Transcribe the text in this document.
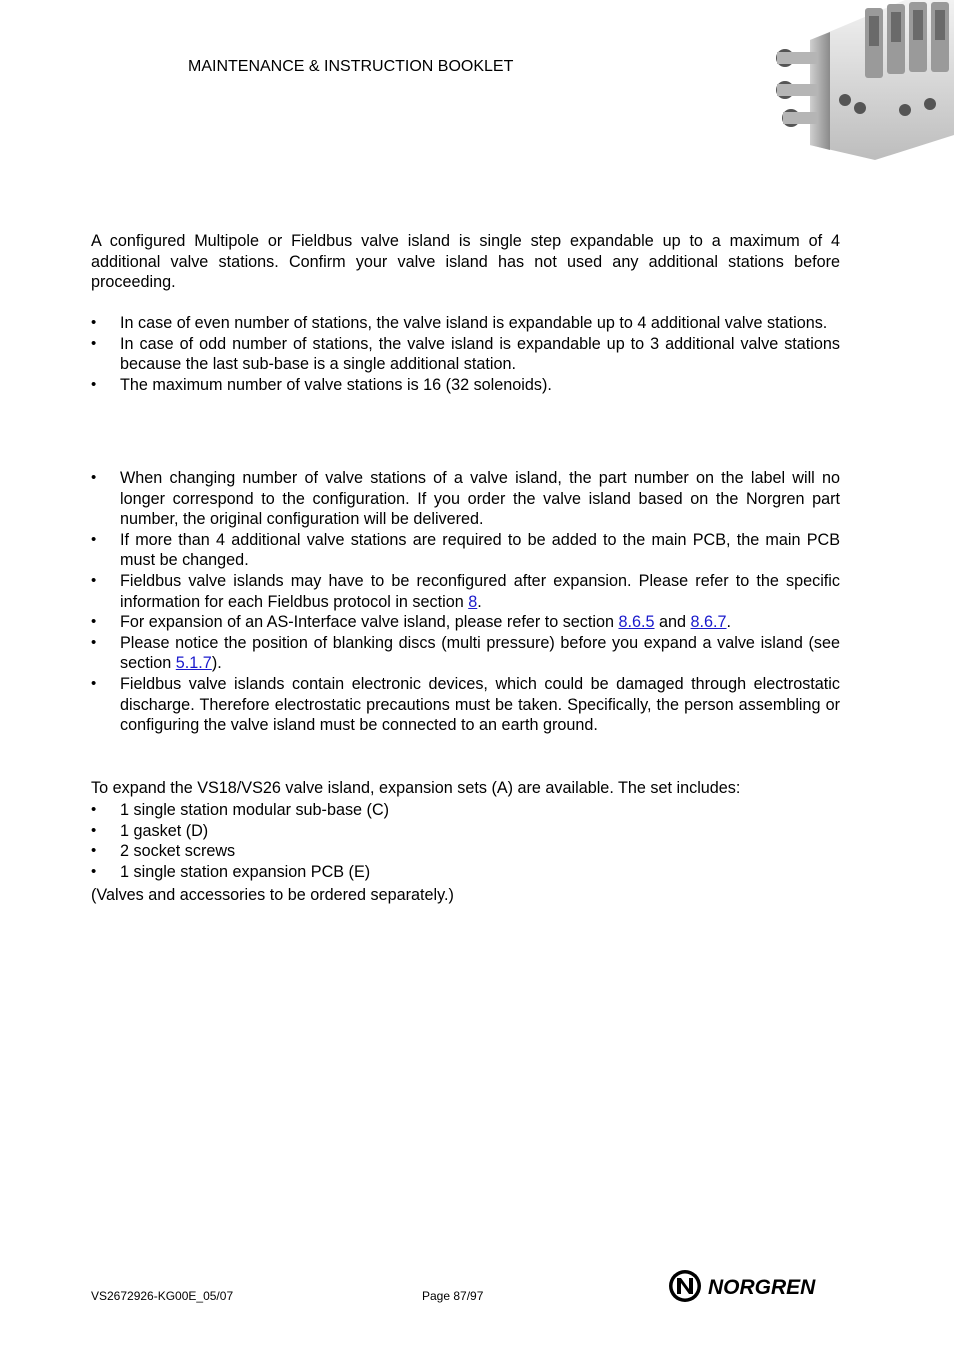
MAINTENANCE & INSTRUCTION BOOKLET

A configured Multipole or Fieldbus valve island is single step expandable up to a maximum of 4 additional valve stations. Confirm your valve island has not used any additional stations before proceeding.

• In case of even number of stations, the valve island is expandable up to 4 additional valve stations.
• In case of odd number of stations, the valve island is expandable up to 3 additional valve stations because the last sub-base is a single additional station.
• The maximum number of valve stations is 16 (32 solenoids).
• When changing number of valve stations of a valve island, the part number on the label will no longer correspond to the configuration. If you order the valve island based on the Norgren part number, the original configuration will be delivered.
• If more than 4 additional valve stations are required to be added to the main PCB, the main PCB must be changed.
• Fieldbus valve islands may have to be reconfigured after expansion. Please refer to the specific information for each Fieldbus protocol in section 8.
• For expansion of an AS-Interface valve island, please refer to section 8.6.5 and 8.6.7.
• Please notice the position of blanking discs (multi pressure) before you expand a valve island (see section 5.1.7).
• Fieldbus valve islands contain electronic devices, which could be damaged through electrostatic discharge. Therefore electrostatic precautions must be taken. Specifically, the person assembling or configuring the valve island must be connected to an earth ground.

To expand the VS18/VS26 valve island, expansion sets (A) are available. The set includes:

• 1 single station modular sub-base (C)
• 1 gasket (D)
• 2 socket screws
• 1 single station expansion PCB (E)

(Valves and accessories to be ordered separately.)

VS2672926-KG00E_05/07	Page 87/97	NORGREN
